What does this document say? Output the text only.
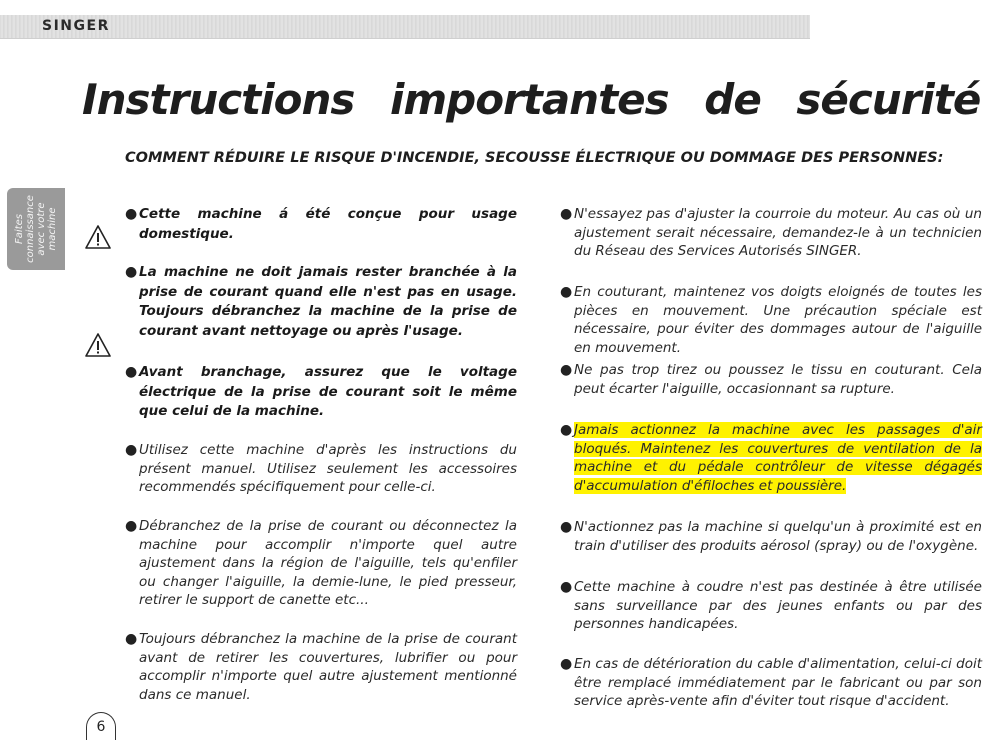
SINGER
Instructions importantes de sécurité
COMMENT RÉDUIRE LE RISQUE D'INCENDIE, SECOUSSE ÉLECTRIQUE OU DOMMAGE DES PERSONNES:
Faites
connaissance
avec votre
machine	● Cette machine á été conçue pour usage domestique.
● La machine ne doit jamais rester branchée à la prise de courant quand elle n'est pas en usage. Toujours débranchez la machine de la prise de courant avant nettoyage ou après l'usage.
● Avant branchage, assurez que le voltage électrique de la prise de courant soit le même que celui de la machine.
● Utilisez cette machine d'après les instructions du présent manuel. Utilisez seulement les accessoires recommendés spécifiquement pour celle-ci.
● Débranchez de la prise de courant ou déconnectez la machine pour accomplir n'importe quel autre ajustement dans la région de l'aiguille, tels qu'enfiler ou changer l'aiguille, la demie-lune, le pied presseur, retirer le support de canette etc...
● Toujours débranchez la machine de la prise de courant avant de retirer les couvertures, lubrifier ou pour accomplir n'importe quel autre ajustement mentionné dans ce manuel.
● N'essayez pas d'ajuster la courroie du moteur. Au cas où un ajustement serait nécessaire, demandez-le à un technicien du Réseau des Services Autorisés SINGER.
● En couturant, maintenez vos doigts eloignés de toutes les pièces en mouvement. Une précaution spéciale est nécessaire, pour éviter des dommages autour de l'aiguille en mouvement.
● Ne pas trop tirez ou poussez le tissu en couturant. Cela peut écarter l'aiguille, occasionnant sa rupture.
● Jamais actionnez la machine avec les passages d'air bloqués. Maintenez les couvertures de ventilation de la machine et du pédale contrôleur de vitesse dégagés d'accumulation d'éfiloches et poussière.
● N'actionnez pas la machine si quelqu'un à proximité est en train d'utiliser des produits aérosol (spray) ou de l'oxygène.
● Cette machine à coudre n'est pas destinée à être utilisée sans surveillance par des jeunes enfants ou par des personnes handicapées.
● En cas de détérioration du cable d'alimentation, celui-ci doit être remplacé immédiatement par le fabricant ou par son service après-vente afin d'éviter tout risque d'accident.
6
